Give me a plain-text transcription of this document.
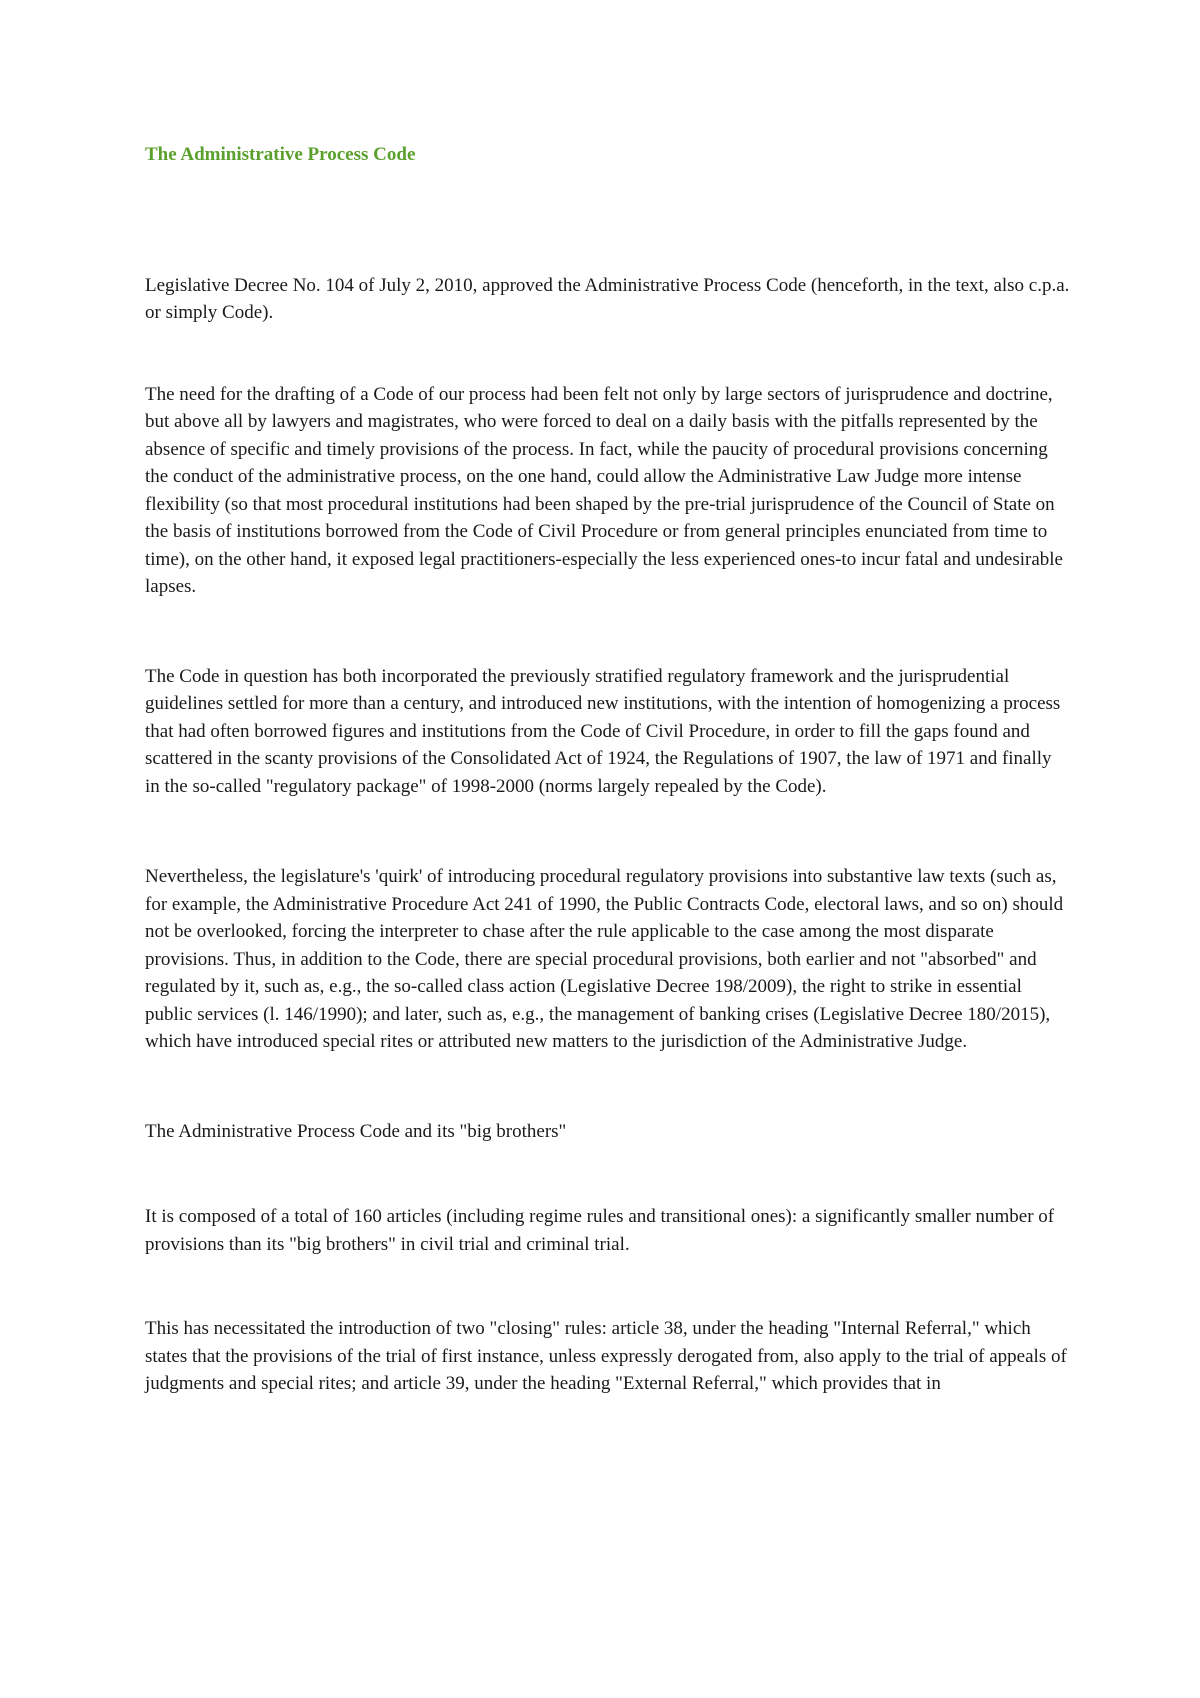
The Administrative Process Code

Legislative Decree No. 104 of July 2, 2010, approved the Administrative Process Code (henceforth, in the text, also c.p.a. or simply Code).

The need for the drafting of a Code of our process had been felt not only by large sectors of jurisprudence and doctrine, but above all by lawyers and magistrates, who were forced to deal on a daily basis with the pitfalls represented by the absence of specific and timely provisions of the process. In fact, while the paucity of procedural provisions concerning the conduct of the administrative process, on the one hand, could allow the Administrative Law Judge more intense flexibility (so that most procedural institutions had been shaped by the pre-trial jurisprudence of the Council of State on the basis of institutions borrowed from the Code of Civil Procedure or from general principles enunciated from time to time), on the other hand, it exposed legal practitioners-especially the less experienced ones-to incur fatal and undesirable lapses.

The Code in question has both incorporated the previously stratified regulatory framework and the jurisprudential guidelines settled for more than a century, and introduced new institutions, with the intention of homogenizing a process that had often borrowed figures and institutions from the Code of Civil Procedure, in order to fill the gaps found and scattered in the scanty provisions of the Consolidated Act of 1924, the Regulations of 1907, the law of 1971 and finally in the so-called "regulatory package" of 1998-2000 (norms largely repealed by the Code).

Nevertheless, the legislature's 'quirk' of introducing procedural regulatory provisions into substantive law texts (such as, for example, the Administrative Procedure Act 241 of 1990, the Public Contracts Code, electoral laws, and so on) should not be overlooked, forcing the interpreter to chase after the rule applicable to the case among the most disparate provisions. Thus, in addition to the Code, there are special procedural provisions, both earlier and not "absorbed" and regulated by it, such as, e.g., the so-called class action (Legislative Decree 198/2009), the right to strike in essential public services (l. 146/1990); and later, such as, e.g., the management of banking crises (Legislative Decree 180/2015), which have introduced special rites or attributed new matters to the jurisdiction of the Administrative Judge.

The Administrative Process Code and its "big brothers"

It is composed of a total of 160 articles (including regime rules and transitional ones): a significantly smaller number of provisions than its "big brothers" in civil trial and criminal trial.

This has necessitated the introduction of two "closing" rules: article 38, under the heading "Internal Referral," which states that the provisions of the trial of first instance, unless expressly derogated from, also apply to the trial of appeals of judgments and special rites; and article 39, under the heading "External Referral," which provides that in
